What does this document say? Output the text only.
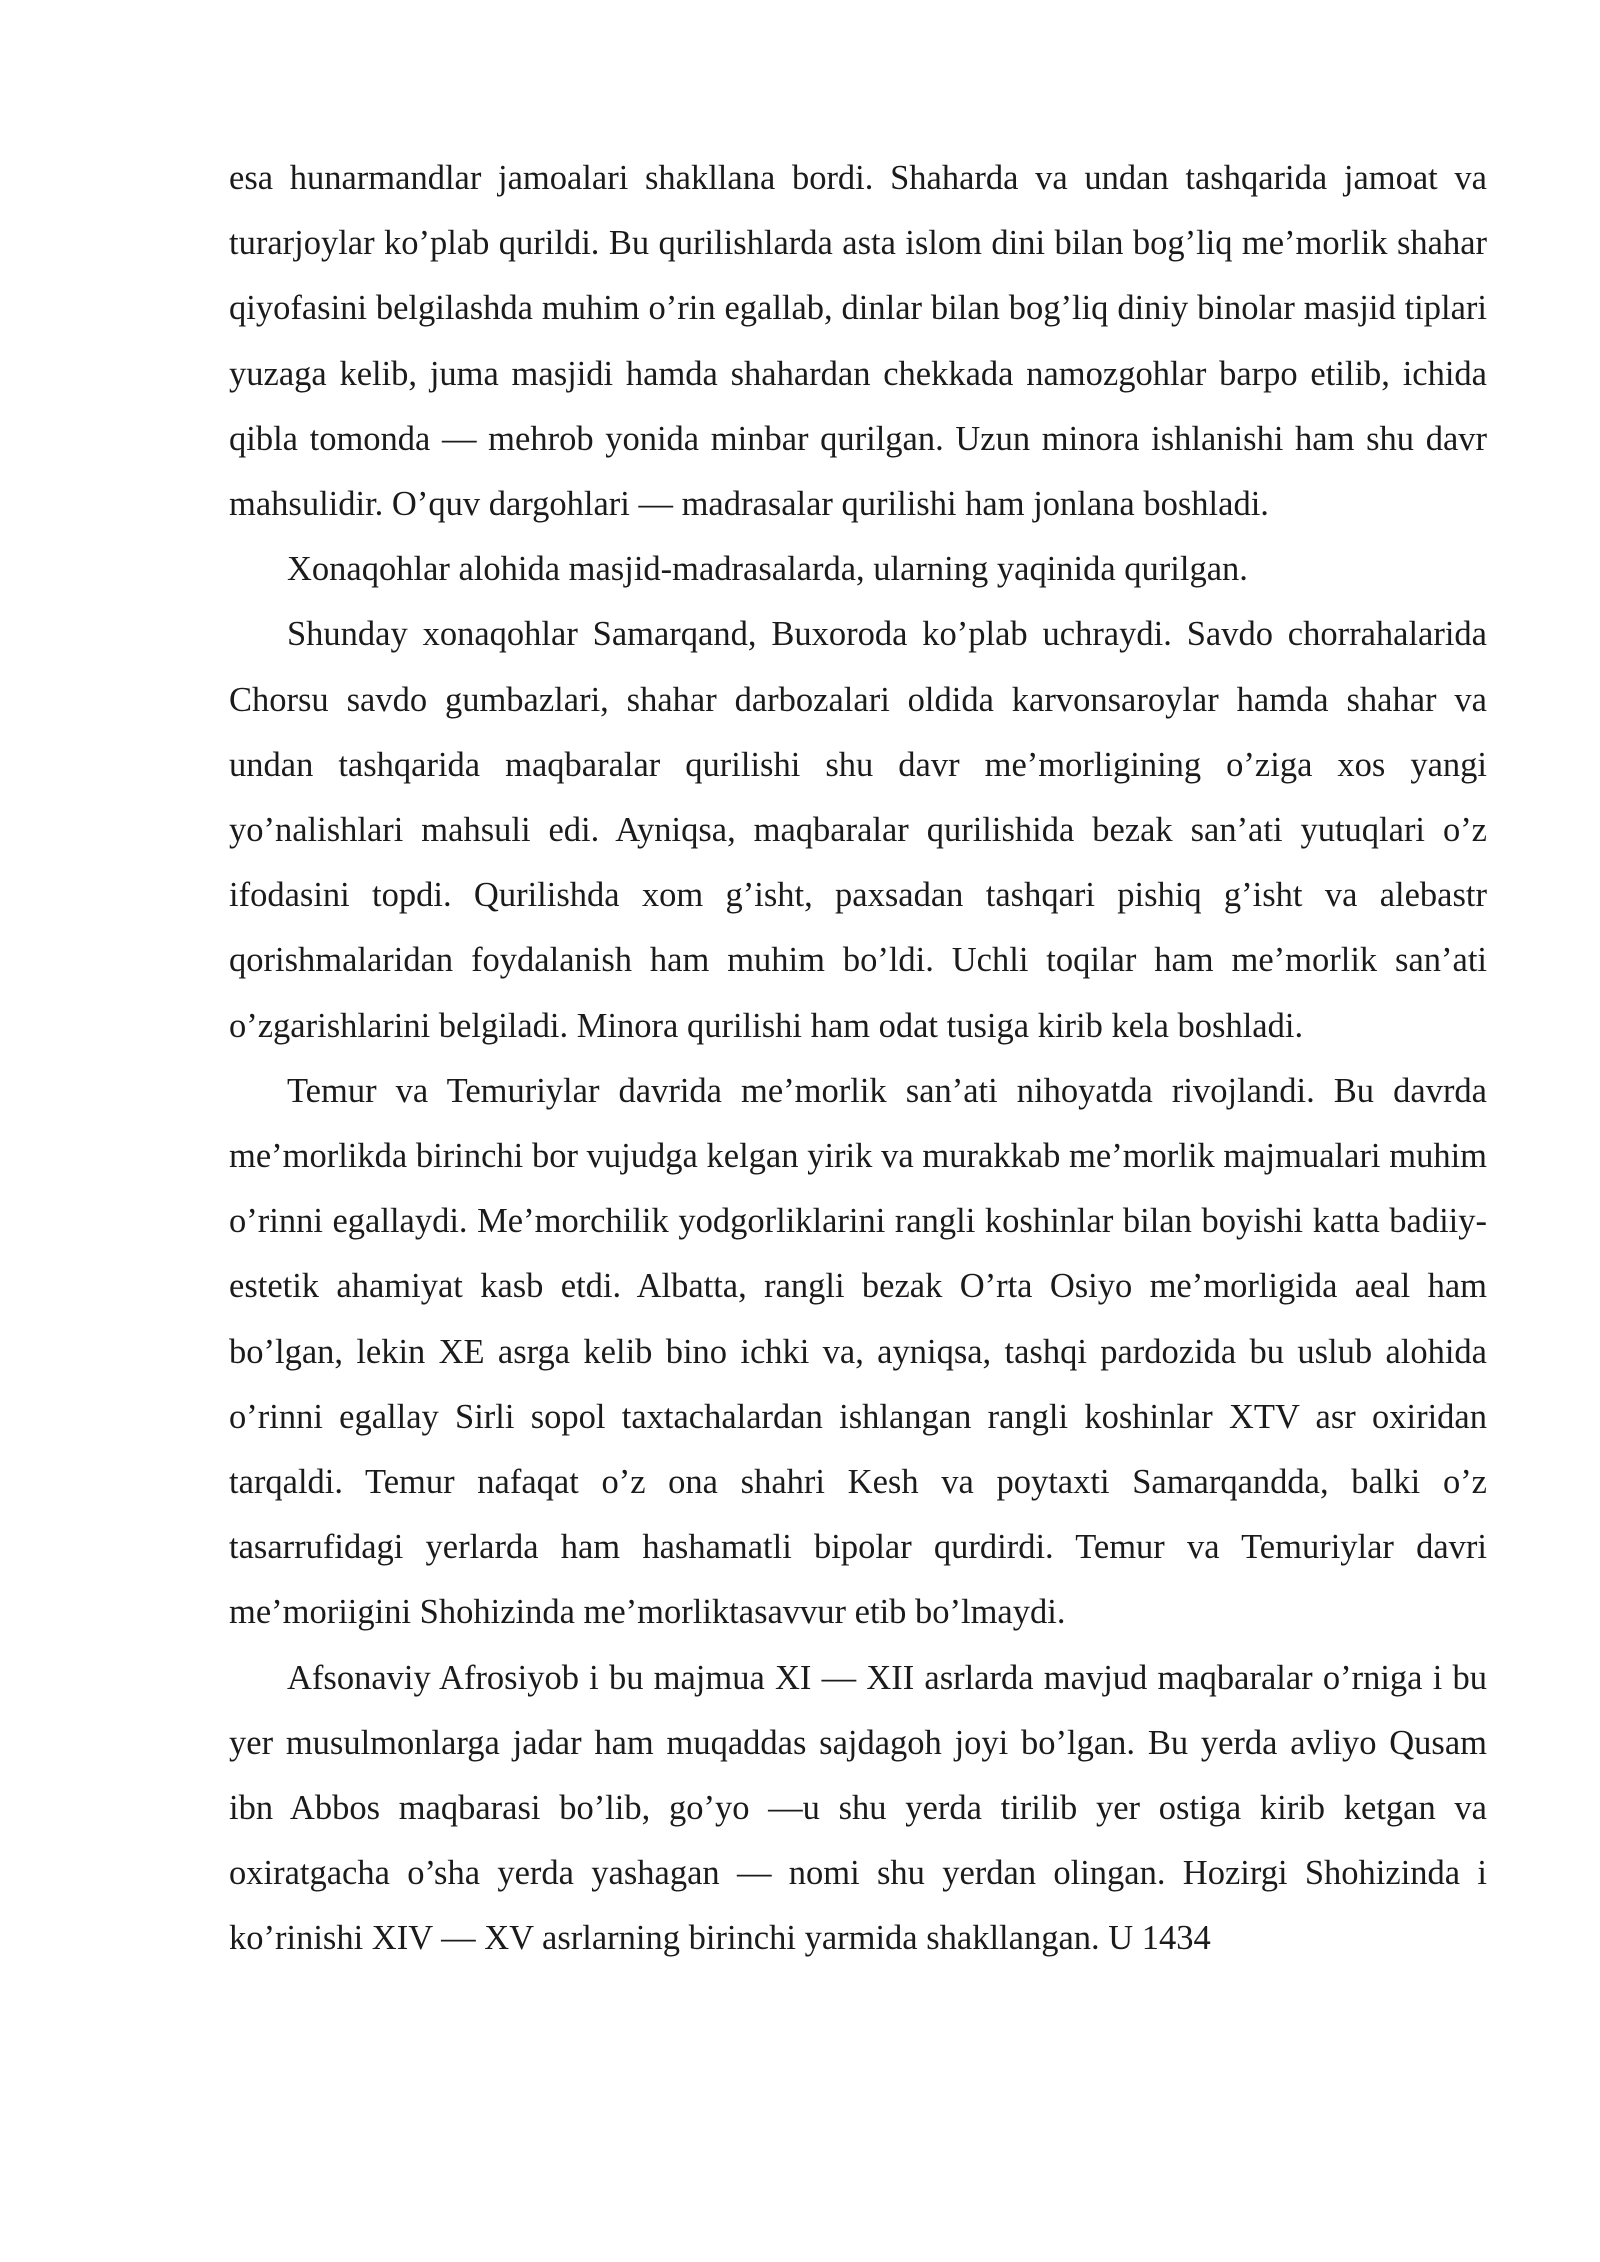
esa hunarmandlar jamoalari shakllana bordi. Shaharda va undan tashqarida jamoat va turarjoylar ko’plab qurildi. Bu qurilishlarda asta islom dini bilan bog’liq me’morlik shahar qiyofasini belgilashda muhim o’rin egallab, dinlar bilan bog’liq diniy binolar masjid tiplari yuzaga kelib, juma masjidi hamda shahardan chekkada namozgohlar barpo etilib, ichida qibla tomonda — mehrob yonida minbar qurilgan. Uzun minora ishlanishi ham shu davr mahsulidir. O’quv dargohlari — madrasalar qurilishi ham jonlana boshladi.

Xonaqohlar alohida masjid-madrasalarda, ularning yaqinida qurilgan.

Shunday xonaqohlar Samarqand, Buxoroda ko’plab uchraydi. Savdo chorrahalarida Chorsu savdo gumbazlari, shahar darbozalari oldida karvonsaroylar hamda shahar va undan tashqarida maqbaralar qurilishi shu davr me’morligining o’ziga xos yangi yo’nalishlari mahsuli edi. Ayniqsa, maqbaralar qurilishida bezak san’ati yutuqlari o’z ifodasini topdi. Qurilishda xom g’isht, paxsadan tashqari pishiq g’isht va alebastr qorishmalaridan foydalanish ham muhim bo’ldi. Uchli toqilar ham me’morlik san’ati o’zgarishlarini belgiladi. Minora qurilishi ham odat tusiga kirib kela boshladi.

Temur va Temuriylar davrida me’morlik san’ati nihoyatda rivojlandi. Bu davrda me’morlikda birinchi bor vujudga kelgan yirik va murakkab me’morlik majmualari muhim o’rinni egallaydi. Me’morchilik yodgorliklarini rangli koshinlar bilan boyishi katta badiiy-estetik ahamiyat kasb etdi. Albatta, rangli bezak O’rta Osiyo me’morligida aeal ham bo’lgan, lekin XE asrga kelib bino ichki va, ayniqsa, tashqi pardozida bu uslub alohida o’rinni egallay Sirli sopol taxtachalardan ishlangan rangli koshinlar XTV asr oxiridan tarqaldi. Temur nafaqat o’z ona shahri Kesh va poytaxti Samarqandda, balki o’z tasarrufidagi yerlarda ham hashamatli bipolar qurdirdi. Temur va Temuriylar davri me’moriigini Shohizinda me’morliktasavvur etib bo’lmaydi.

Afsonaviy Afrosiyob i bu majmua XI — XII asrlarda mavjud maqbaralar o’rniga i bu yer musulmonlarga jadar ham muqaddas sajdagoh joyi bo’lgan. Bu yerda avliyo Qusam ibn Abbos maqbarasi bo’lib, go’yo —u shu yerda tirilib yer ostiga kirib ketgan va oxiratgacha o’sha yerda yashagan — nomi shu yerdan olingan. Hozirgi Shohizinda i ko’rinishi XIV — XV asrlarning birinchi yarmida shakllangan. U 1434
